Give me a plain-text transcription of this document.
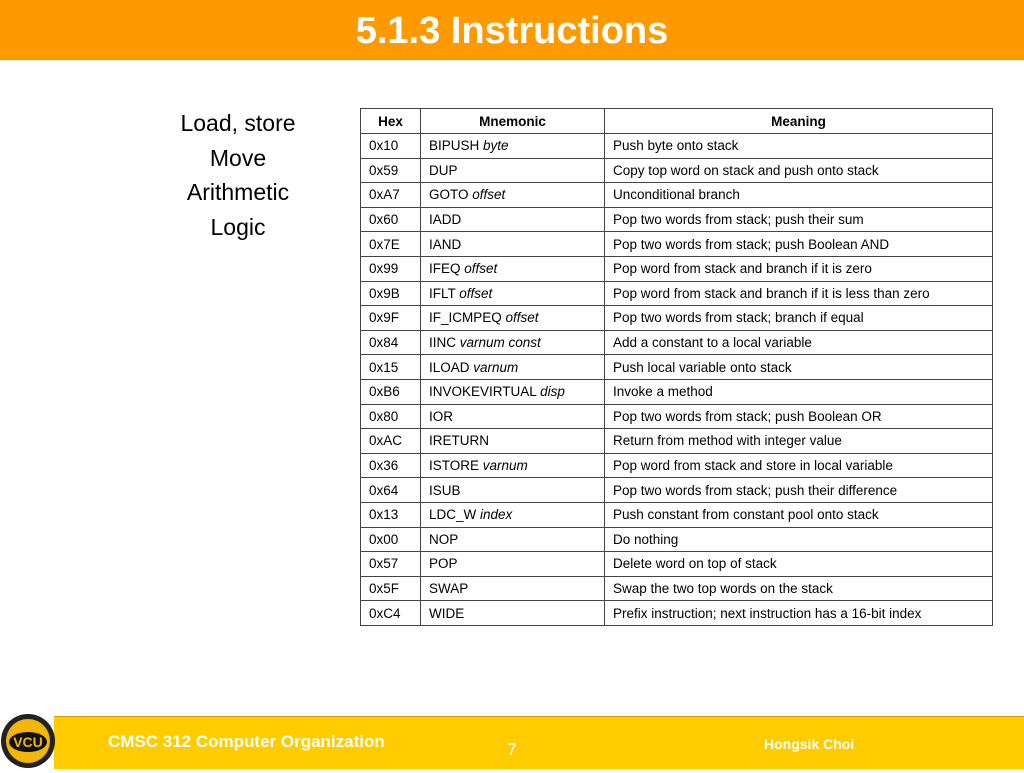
5.1.3 Instructions
Load, store
Move
Arithmetic
Logic
Hex	Mnemonic	Meaning
0x10	BIPUSH byte	Push byte onto stack
0x59	DUP	Copy top word on stack and push onto stack
0xA7	GOTO offset	Unconditional branch
0x60	IADD	Pop two words from stack; push their sum
0x7E	IAND	Pop two words from stack; push Boolean AND
0x99	IFEQ offset	Pop word from stack and branch if it is zero
0x9B	IFLT offset	Pop word from stack and branch if it is less than zero
0x9F	IF_ICMPEQ offset	Pop two words from stack; branch if equal
0x84	IINC varnum const	Add a constant to a local variable
0x15	ILOAD varnum	Push local variable onto stack
0xB6	INVOKEVIRTUAL disp	Invoke a method
0x80	IOR	Pop two words from stack; push Boolean OR
0xAC	IRETURN	Return from method with integer value
0x36	ISTORE varnum	Pop word from stack and store in local variable
0x64	ISUB	Pop two words from stack; push their difference
0x13	LDC_W index	Push constant from constant pool onto stack
0x00	NOP	Do nothing
0x57	POP	Delete word on top of stack
0x5F	SWAP	Swap the two top words on the stack
0xC4	WIDE	Prefix instruction; next instruction has a 16-bit index
VCU	CMSC 312 Computer Organization	7	Hongsik Choi
